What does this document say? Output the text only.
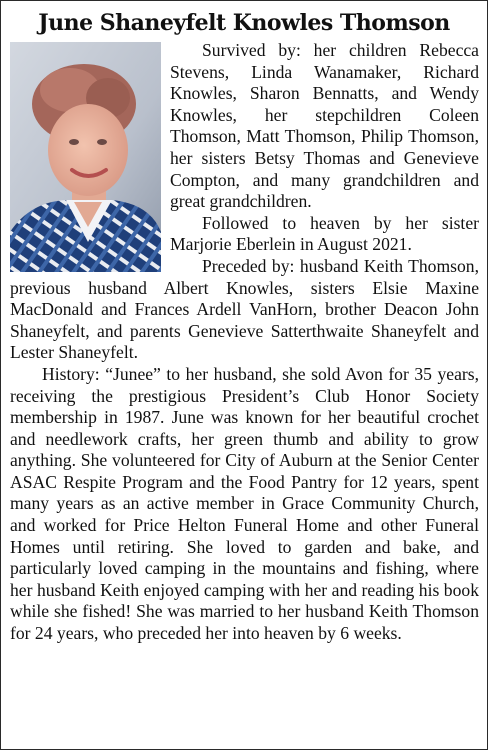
June Shaneyfelt Knowles Thomson

Survived by: her children Rebecca Stevens, Linda Wanamaker, Richard Knowles, Sharon Bennatts, and Wendy Knowles, her stepchildren Coleen Thomson, Matt Thomson, Philip Thomson, her sisters Betsy Thomas and Genevieve Compton, and many grandchildren and great grandchildren.

Followed to heaven by her sister Marjorie Eberlein in August 2021.

Preceded by: husband Keith Thomson, previous husband Albert Knowles, sisters Elsie Maxine MacDonald and Frances Ardell VanHorn, brother Deacon John Shaneyfelt, and parents Genevieve Satterthwaite Shaneyfelt and Lester Shaneyfelt.

History: “Junee” to her husband, she sold Avon for 35 years, receiving the prestigious President’s Club Honor Society membership in 1987. June was known for her beautiful crochet and needlework crafts, her green thumb and ability to grow anything. She volunteered for City of Auburn at the Senior Center ASAC Respite Program and the Food Pantry for 12 years, spent many years as an active member in Grace Community Church, and worked for Price Helton Funeral Home and other Funeral Homes until retiring. She loved to garden and bake, and particularly loved camping in the mountains and fishing, where her husband Keith enjoyed camping with her and reading his book while she fished! She was married to her husband Keith Thomson for 24 years, who preceded her into heaven by 6 weeks.
